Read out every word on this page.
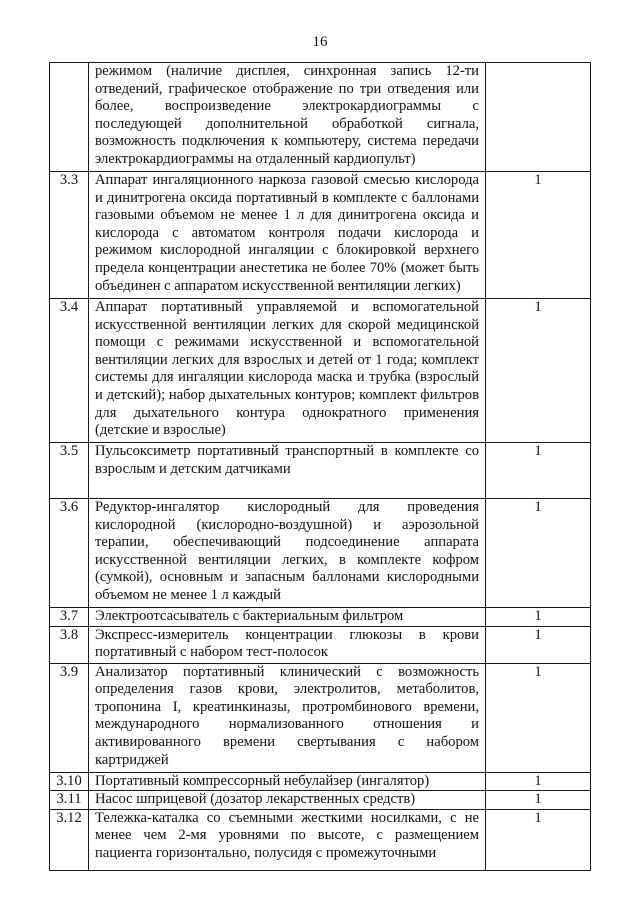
16
	режимом (наличие дисплея, синхронная запись 12-ти отведений, графическое отображение по три отведения или более, воспроизведение электрокардиограммы с последующей дополнительной обработкой сигнала, возможность подключения к компьютеру, система передачи электрокардиограммы на отдаленный кардиопульт)	
3.3	Аппарат ингаляционного наркоза газовой смесью кислорода и динитрогена оксида портативный в комплекте с баллонами газовыми объемом не менее 1 л для динитрогена оксида и кислорода с автоматом контроля подачи кислорода и режимом кислородной ингаляции с блокировкой верхнего предела концентрации анестетика не более 70% (может быть объединен с аппаратом искусственной вентиляции легких)	1
3.4	Аппарат портативный управляемой и вспомогательной искусственной вентиляции легких для скорой медицинской помощи с режимами искусственной и вспомогательной вентиляции легких для взрослых и детей от 1 года; комплект системы для ингаляции кислорода маска и трубка (взрослый и детский); набор дыхательных контуров; комплект фильтров для дыхательного контура однократного применения (детские и взрослые)	1
3.5	Пульсоксиметр портативный транспортный в комплекте со взрослым и детским датчиками	1
3.6	Редуктор-ингалятор кислородный для проведения кислородной (кислородно-воздушной) и аэрозольной терапии, обеспечивающий подсоединение аппарата искусственной вентиляции легких, в комплекте кофром (сумкой), основным и запасным баллонами кислородными объемом не менее 1 л каждый	1
3.7	Электроотсасыватель с бактериальным фильтром	1
3.8	Экспресс-измеритель концентрации глюкозы в крови портативный с набором тест-полосок	1
3.9	Анализатор портативный клинический с возможность определения газов крови, электролитов, метаболитов, тропонина I, креатинкиназы, протромбинового времени, международного нормализованного отношения и активированного времени свертывания с набором картриджей	1
3.10	Портативный компрессорный небулайзер (ингалятор)	1
3.11	Насос шприцевой (дозатор лекарственных средств)	1
3.12	Тележка-каталка со съемными жесткими носилками, с не менее чем 2-мя уровнями по высоте, с размещением пациента горизонтально, полусидя с промежуточными	1
